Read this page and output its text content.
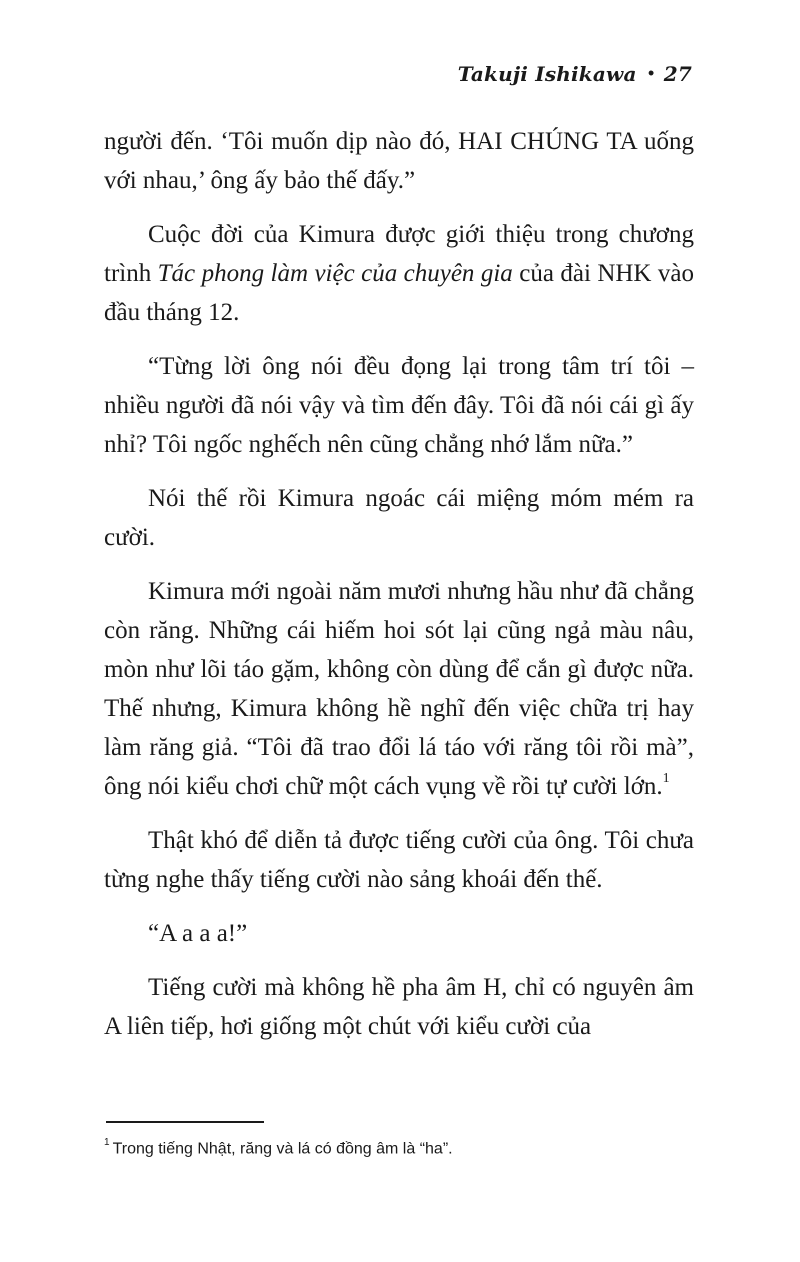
Takuji Ishikawa • 27

người đến. ‘Tôi muốn dịp nào đó, HAI CHÚNG TA uống với nhau,’ ông ấy bảo thế đấy.”

Cuộc đời của Kimura được giới thiệu trong chương trình Tác phong làm việc của chuyên gia của đài NHK vào đầu tháng 12.

“Từng lời ông nói đều đọng lại trong tâm trí tôi – nhiều người đã nói vậy và tìm đến đây. Tôi đã nói cái gì ấy nhỉ? Tôi ngốc nghếch nên cũng chẳng nhớ lắm nữa.”

Nói thế rồi Kimura ngoác cái miệng móm mém ra cười.

Kimura mới ngoài năm mươi nhưng hầu như đã chẳng còn răng. Những cái hiếm hoi sót lại cũng ngả màu nâu, mòn như lõi táo gặm, không còn dùng để cắn gì được nữa. Thế nhưng, Kimura không hề nghĩ đến việc chữa trị hay làm răng giả. “Tôi đã trao đổi lá táo với răng tôi rồi mà”, ông nói kiểu chơi chữ một cách vụng về rồi tự cười lớn.$^1$

Thật khó để diễn tả được tiếng cười của ông. Tôi chưa từng nghe thấy tiếng cười nào sảng khoái đến thế.

“A a a a!”

Tiếng cười mà không hề pha âm H, chỉ có nguyên âm A liên tiếp, hơi giống một chút với kiểu cười của

$^1$ Trong tiếng Nhật, răng và lá có đồng âm là “ha”.
